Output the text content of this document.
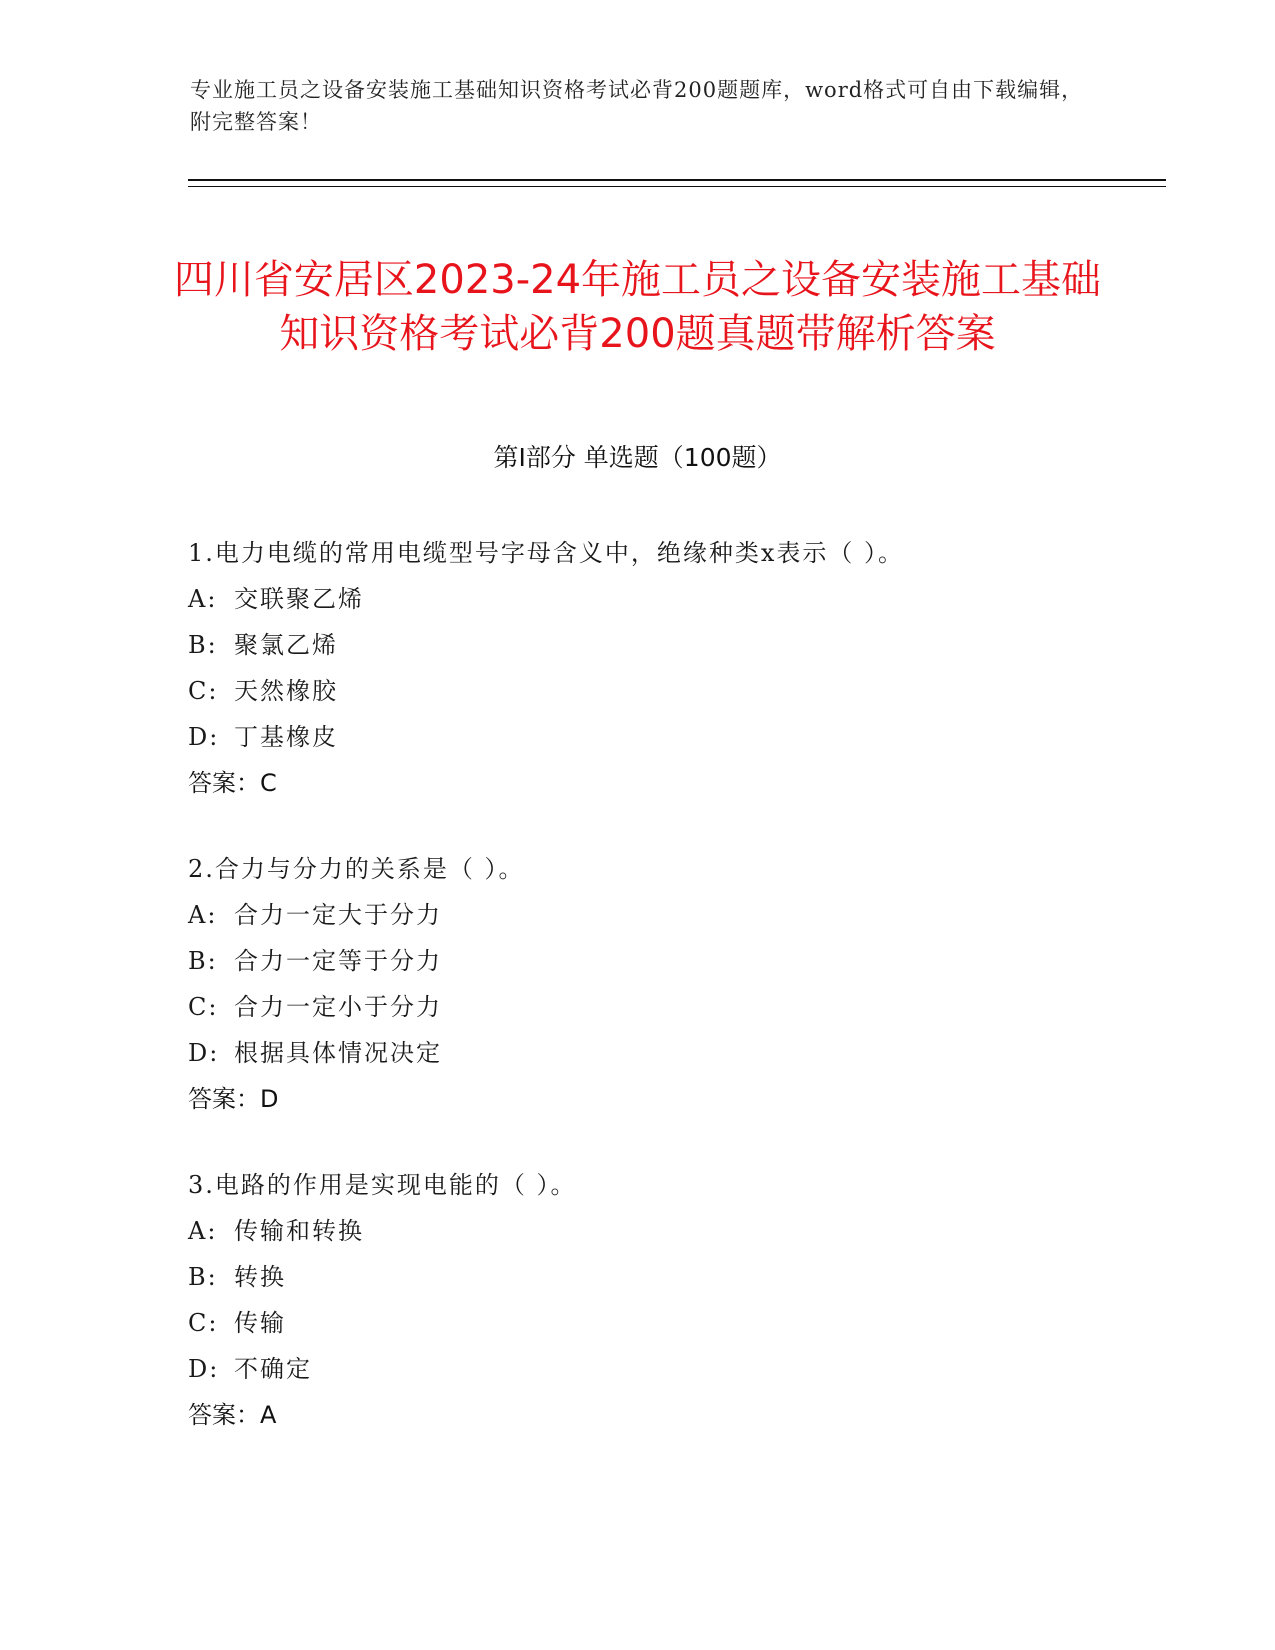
专业施工员之设备安装施工基础知识资格考试必背200题题库，word格式可自由下载编辑，附完整答案！
四川省安居区2023-24年施工员之设备安装施工基础知识资格考试必背200题真题带解析答案
第I部分 单选题（100题）
1.电力电缆的常用电缆型号字母含义中，绝缘种类x表示（ ）。
A: 交联聚乙烯
B: 聚氯乙烯
C: 天然橡胶
D: 丁基橡皮
答案：C
2.合力与分力的关系是（ ）。
A: 合力一定大于分力
B: 合力一定等于分力
C: 合力一定小于分力
D: 根据具体情况决定
答案：D
3.电路的作用是实现电能的（ ）。
A: 传输和转换
B: 转换
C: 传输
D: 不确定
答案：A
